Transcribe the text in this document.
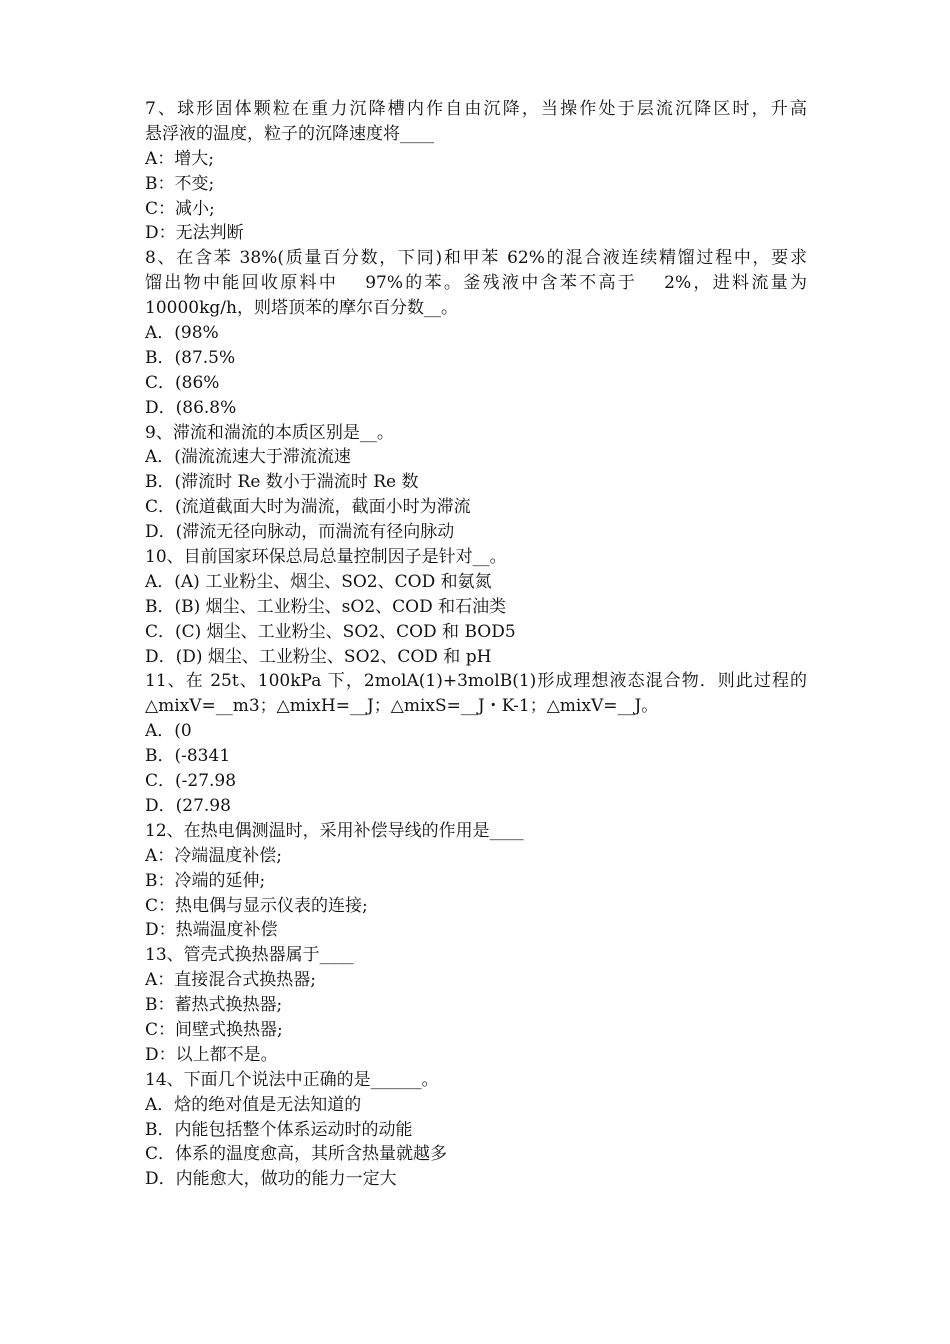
7、球形固体颗粒在重力沉降槽内作自由沉降，当操作处于层流沉降区时，升高
悬浮液的温度，粒子的沉降速度将____
A：增大;
B：不变;
C：减小;
D：无法判断
8、在含苯 38%(质量百分数，下同)和甲苯 62%的混合液连续精馏过程中，要求
馏出物中能回收原料中　 97%的苯。釜残液中含苯不高于　 2%，进料流量为
10000kg/h，则塔顶苯的摩尔百分数__。
A．(98%
B．(87.5%
C．(86%
D．(86.8%
9、滞流和湍流的本质区别是__。
A．(湍流流速大于滞流流速
B．(滞流时 Re 数小于湍流时 Re 数
C．(流道截面大时为湍流，截面小时为滞流
D．(滞流无径向脉动，而湍流有径向脉动
10、目前国家环保总局总量控制因子是针对__。
A．(A) 工业粉尘、烟尘、SO2、COD 和氨氮
B．(B) 烟尘、工业粉尘、sO2、COD 和石油类
C．(C) 烟尘、工业粉尘、SO2、COD 和 BOD5
D．(D) 烟尘、工业粉尘、SO2、COD 和 pH
11、在 25t、100kPa 下，2molA(1)+3molB(1)形成理想液态混合物．则此过程的
△mixV=__m3；△mixH=__J；△mixS=__J・K-1；△mixV=__J。
A．(0
B．(-8341
C．(-27.98
D．(27.98
12、在热电偶测温时，采用补偿导线的作用是____
A：冷端温度补偿;
B：冷端的延伸;
C：热电偶与显示仪表的连接;
D：热端温度补偿
13、管壳式换热器属于____
A：直接混合式换热器;
B：蓄热式换热器;
C：间壁式换热器;
D：以上都不是。
14、下面几个说法中正确的是______。
A．焓的绝对值是无法知道的
B．内能包括整个体系运动时的动能
C．体系的温度愈高，其所含热量就越多
D．内能愈大，做功的能力一定大
